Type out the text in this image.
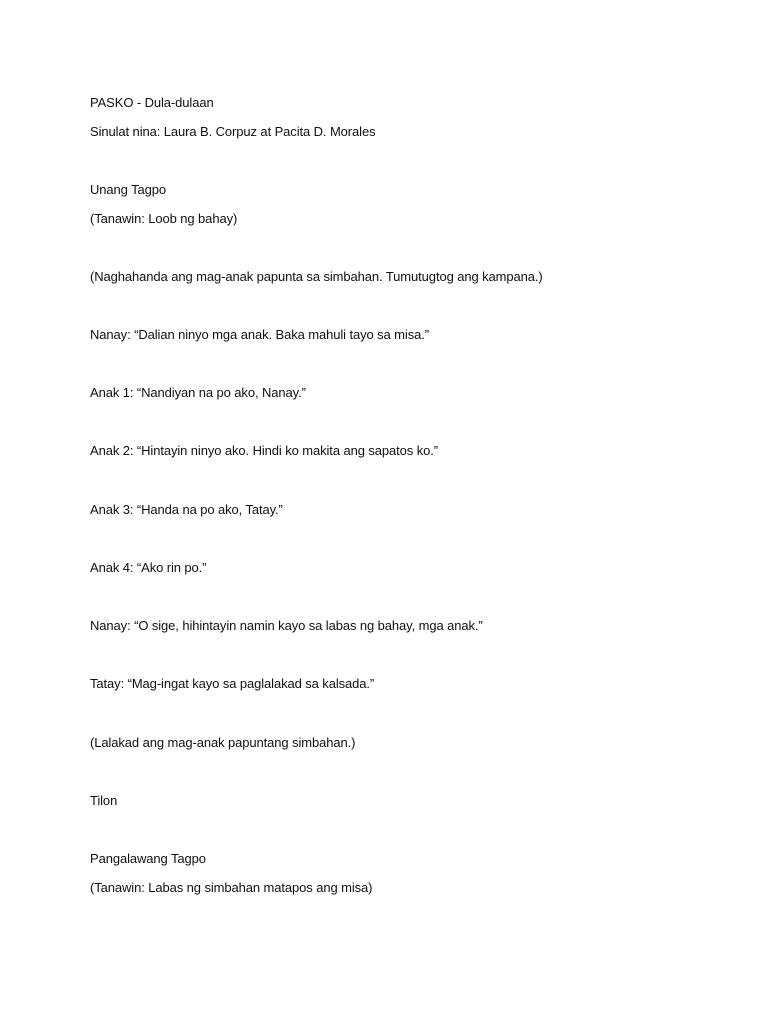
PASKO - Dula-dulaan
Sinulat nina: Laura B. Corpuz at Pacita D. Morales
Unang Tagpo
(Tanawin: Loob ng bahay)
(Naghahanda ang mag-anak papunta sa simbahan. Tumutugtog ang kampana.)
Nanay: “Dalian ninyo mga anak. Baka mahuli tayo sa misa.”
Anak 1: “Nandiyan na po ako, Nanay.”
Anak 2: “Hintayin ninyo ako. Hindi ko makita ang sapatos ko.”
Anak 3: “Handa na po ako, Tatay.”
Anak 4: “Ako rin po.”
Nanay: “O sige, hihintayin namin kayo sa labas ng bahay, mga anak.”
Tatay: “Mag-ingat kayo sa paglalakad sa kalsada.”
(Lalakad ang mag-anak papuntang simbahan.)
Tilon
Pangalawang Tagpo
(Tanawin: Labas ng simbahan matapos ang misa)
